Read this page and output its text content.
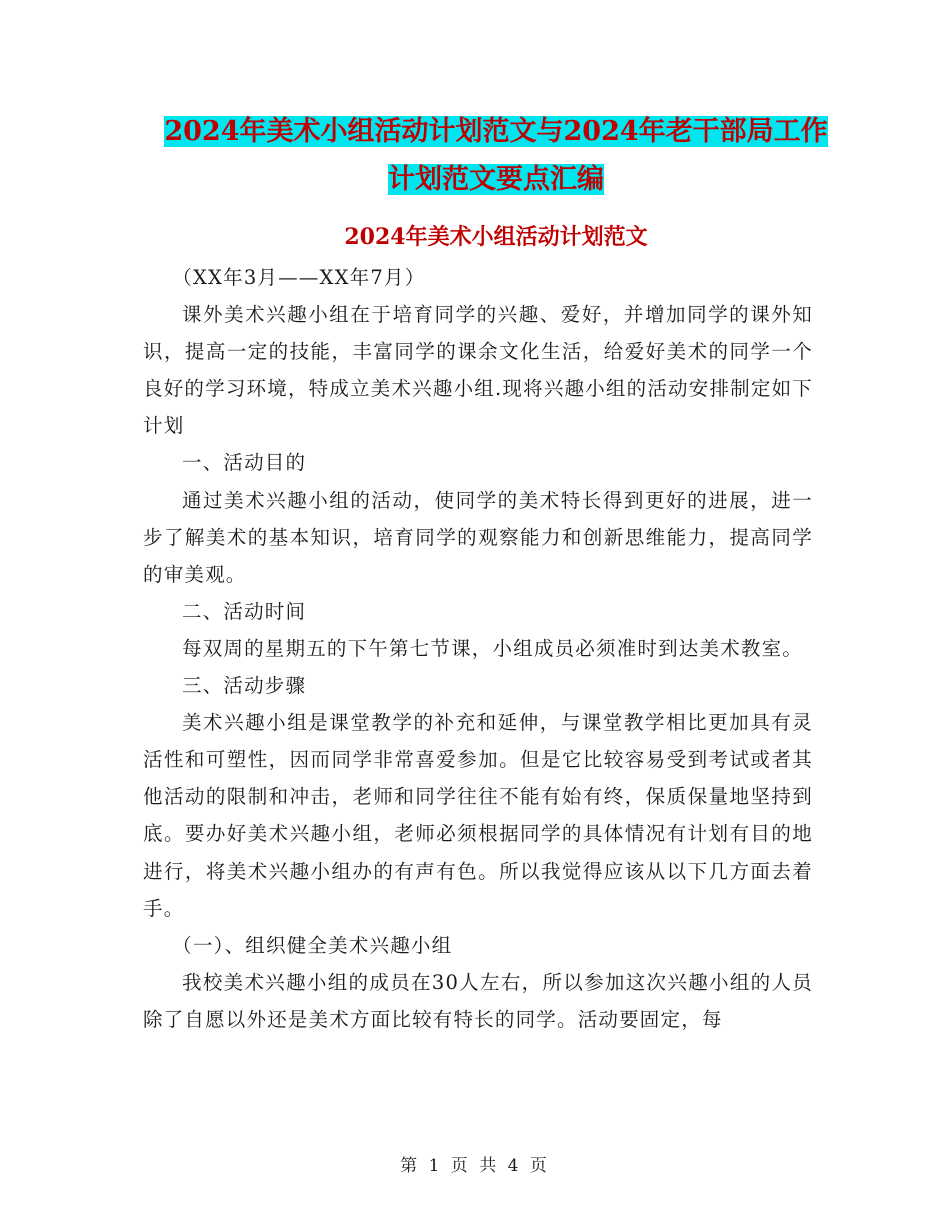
2024年美术小组活动计划范文与2024年老干部局工作
计划范文要点汇编
2024年美术小组活动计划范文

（XX年3月——XX年7月）

课外美术兴趣小组在于培育同学的兴趣、爱好，并增加同学的课外知识，提高一定的技能，丰富同学的课余文化生活，给爱好美术的同学一个良好的学习环境，特成立美术兴趣小组.现将兴趣小组的活动安排制定如下计划

一、活动目的

通过美术兴趣小组的活动，使同学的美术特长得到更好的进展，进一步了解美术的基本知识，培育同学的观察能力和创新思维能力，提高同学的审美观。

二、活动时间

每双周的星期五的下午第七节课，小组成员必须准时到达美术教室。

三、活动步骤

美术兴趣小组是课堂教学的补充和延伸，与课堂教学相比更加具有灵活性和可塑性，因而同学非常喜爱参加。但是它比较容易受到考试或者其他活动的限制和冲击，老师和同学往往不能有始有终，保质保量地坚持到底。要办好美术兴趣小组，老师必须根据同学的具体情况有计划有目的地进行，将美术兴趣小组办的有声有色。所以我觉得应该从以下几方面去着手。

（一）、组织健全美术兴趣小组

我校美术兴趣小组的成员在30人左右，所以参加这次兴趣小组的人员除了自愿以外还是美术方面比较有特长的同学。活动要固定，每

第 1 页 共 4 页
